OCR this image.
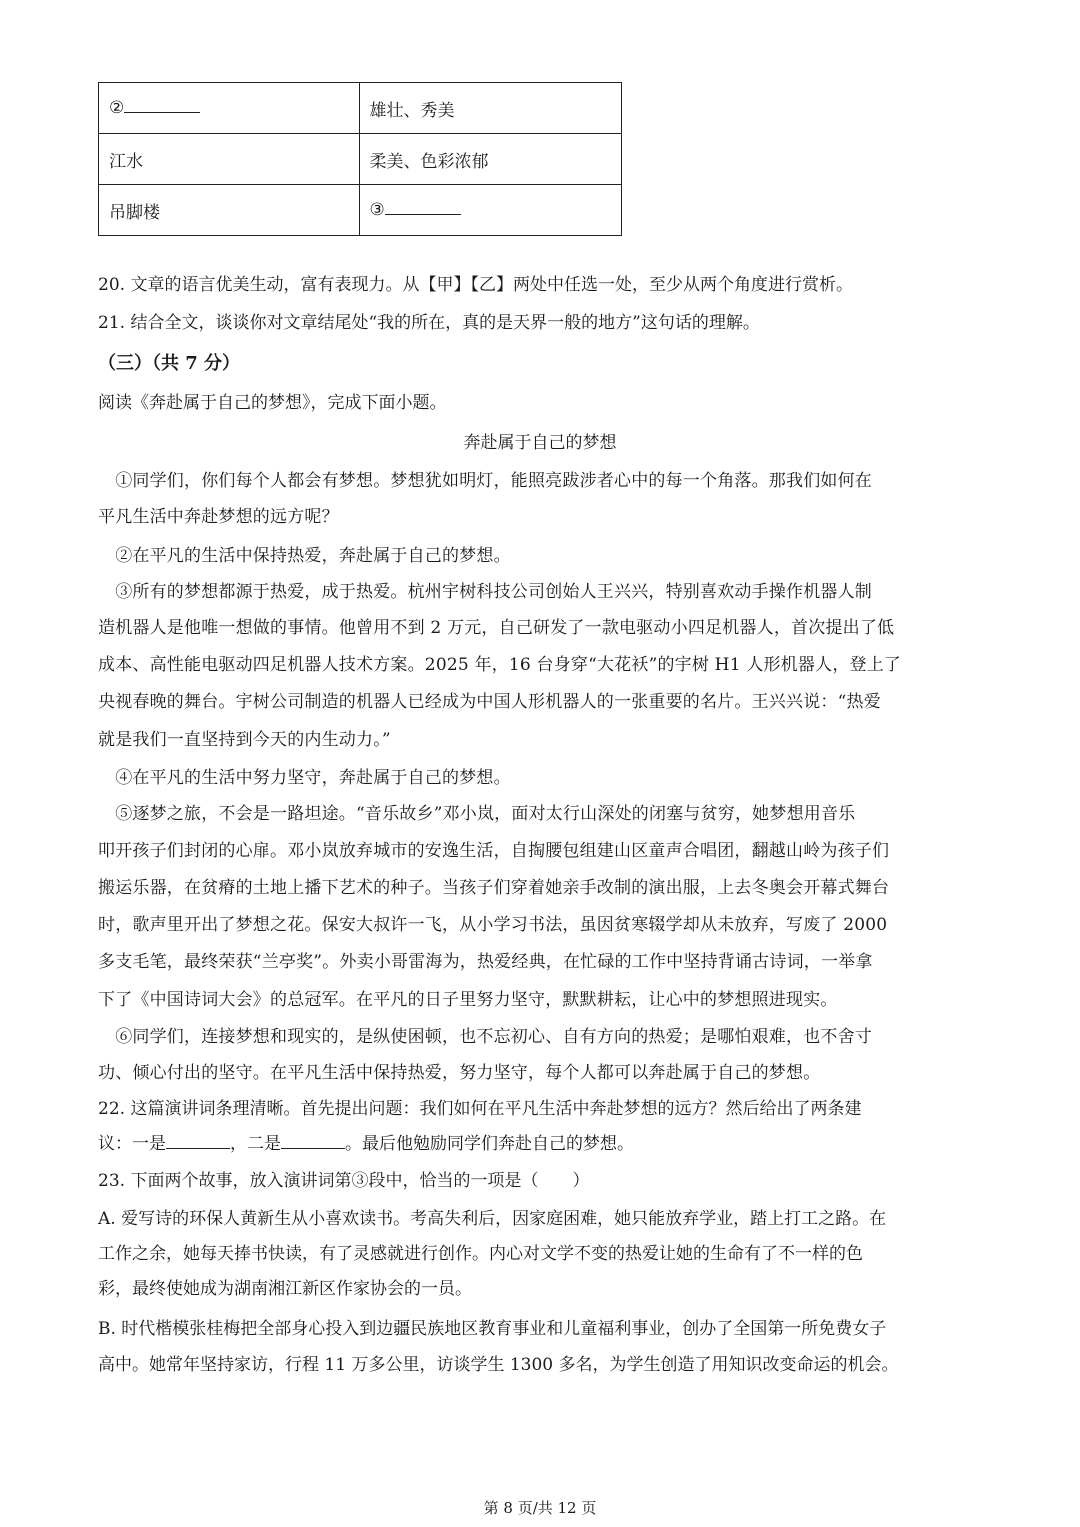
②	雄壮、秀美
江水	柔美、色彩浓郁
吊脚楼	③
20. 文章的语言优美生动，富有表现力。从【甲】【乙】两处中任选一处，至少从两个角度进行赏析。
21. 结合全文，谈谈你对文章结尾处“我的所在，真的是天界一般的地方”这句话的理解。
（三）（共 7 分）
阅读《奔赴属于自己的梦想》，完成下面小题。
奔赴属于自己的梦想
　①同学们，你们每个人都会有梦想。梦想犹如明灯，能照亮跋涉者心中的每一个角落。那我们如何在
平凡生活中奔赴梦想的远方呢？
　②在平凡的生活中保持热爱，奔赴属于自己的梦想。
　③所有的梦想都源于热爱，成于热爱。杭州宇树科技公司创始人王兴兴，特别喜欢动手操作机器人制
造机器人是他唯一想做的事情。他曾用不到 2 万元，自己研发了一款电驱动小四足机器人，首次提出了低
成本、高性能电驱动四足机器人技术方案。2025 年，16 台身穿“大花袄”的宇树 H1 人形机器人，登上了
央视春晚的舞台。宇树公司制造的机器人已经成为中国人形机器人的一张重要的名片。王兴兴说：“热爱
就是我们一直坚持到今天的内生动力。”
　④在平凡的生活中努力坚守，奔赴属于自己的梦想。
　⑤逐梦之旅，不会是一路坦途。“音乐故乡”邓小岚，面对太行山深处的闭塞与贫穷，她梦想用音乐
叩开孩子们封闭的心扉。邓小岚放弃城市的安逸生活，自掏腰包组建山区童声合唱团，翻越山岭为孩子们
搬运乐器，在贫瘠的土地上播下艺术的种子。当孩子们穿着她亲手改制的演出服，上去冬奥会开幕式舞台
时，歌声里开出了梦想之花。保安大叔许一飞，从小学习书法，虽因贫寒辍学却从未放弃，写废了 2000
多支毛笔，最终荣获“兰亭奖”。外卖小哥雷海为，热爱经典，在忙碌的工作中坚持背诵古诗词，一举拿
下了《中国诗词大会》的总冠军。在平凡的日子里努力坚守，默默耕耘，让心中的梦想照进现实。
　⑥同学们，连接梦想和现实的，是纵使困顿，也不忘初心、自有方向的热爱；是哪怕艰难，也不舍寸
功、倾心付出的坚守。在平凡生活中保持热爱，努力坚守，每个人都可以奔赴属于自己的梦想。
22. 这篇演讲词条理清晰。首先提出问题：我们如何在平凡生活中奔赴梦想的远方？然后给出了两条建
议：一是	，二是	。最后他勉励同学们奔赴自己的梦想。
23. 下面两个故事，放入演讲词第③段中，恰当的一项是（　　）
A. 爱写诗的环保人黄新生从小喜欢读书。考高失利后，因家庭困难，她只能放弃学业，踏上打工之路。在
工作之余，她每天捧书快读，有了灵感就进行创作。内心对文学不变的热爱让她的生命有了不一样的色
彩，最终使她成为湖南湘江新区作家协会的一员。
B. 时代楷模张桂梅把全部身心投入到边疆民族地区教育事业和儿童福利事业，创办了全国第一所免费女子
高中。她常年坚持家访，行程 11 万多公里，访谈学生 1300 多名，为学生创造了用知识改变命运的机会。
第 8 页/共 12 页
